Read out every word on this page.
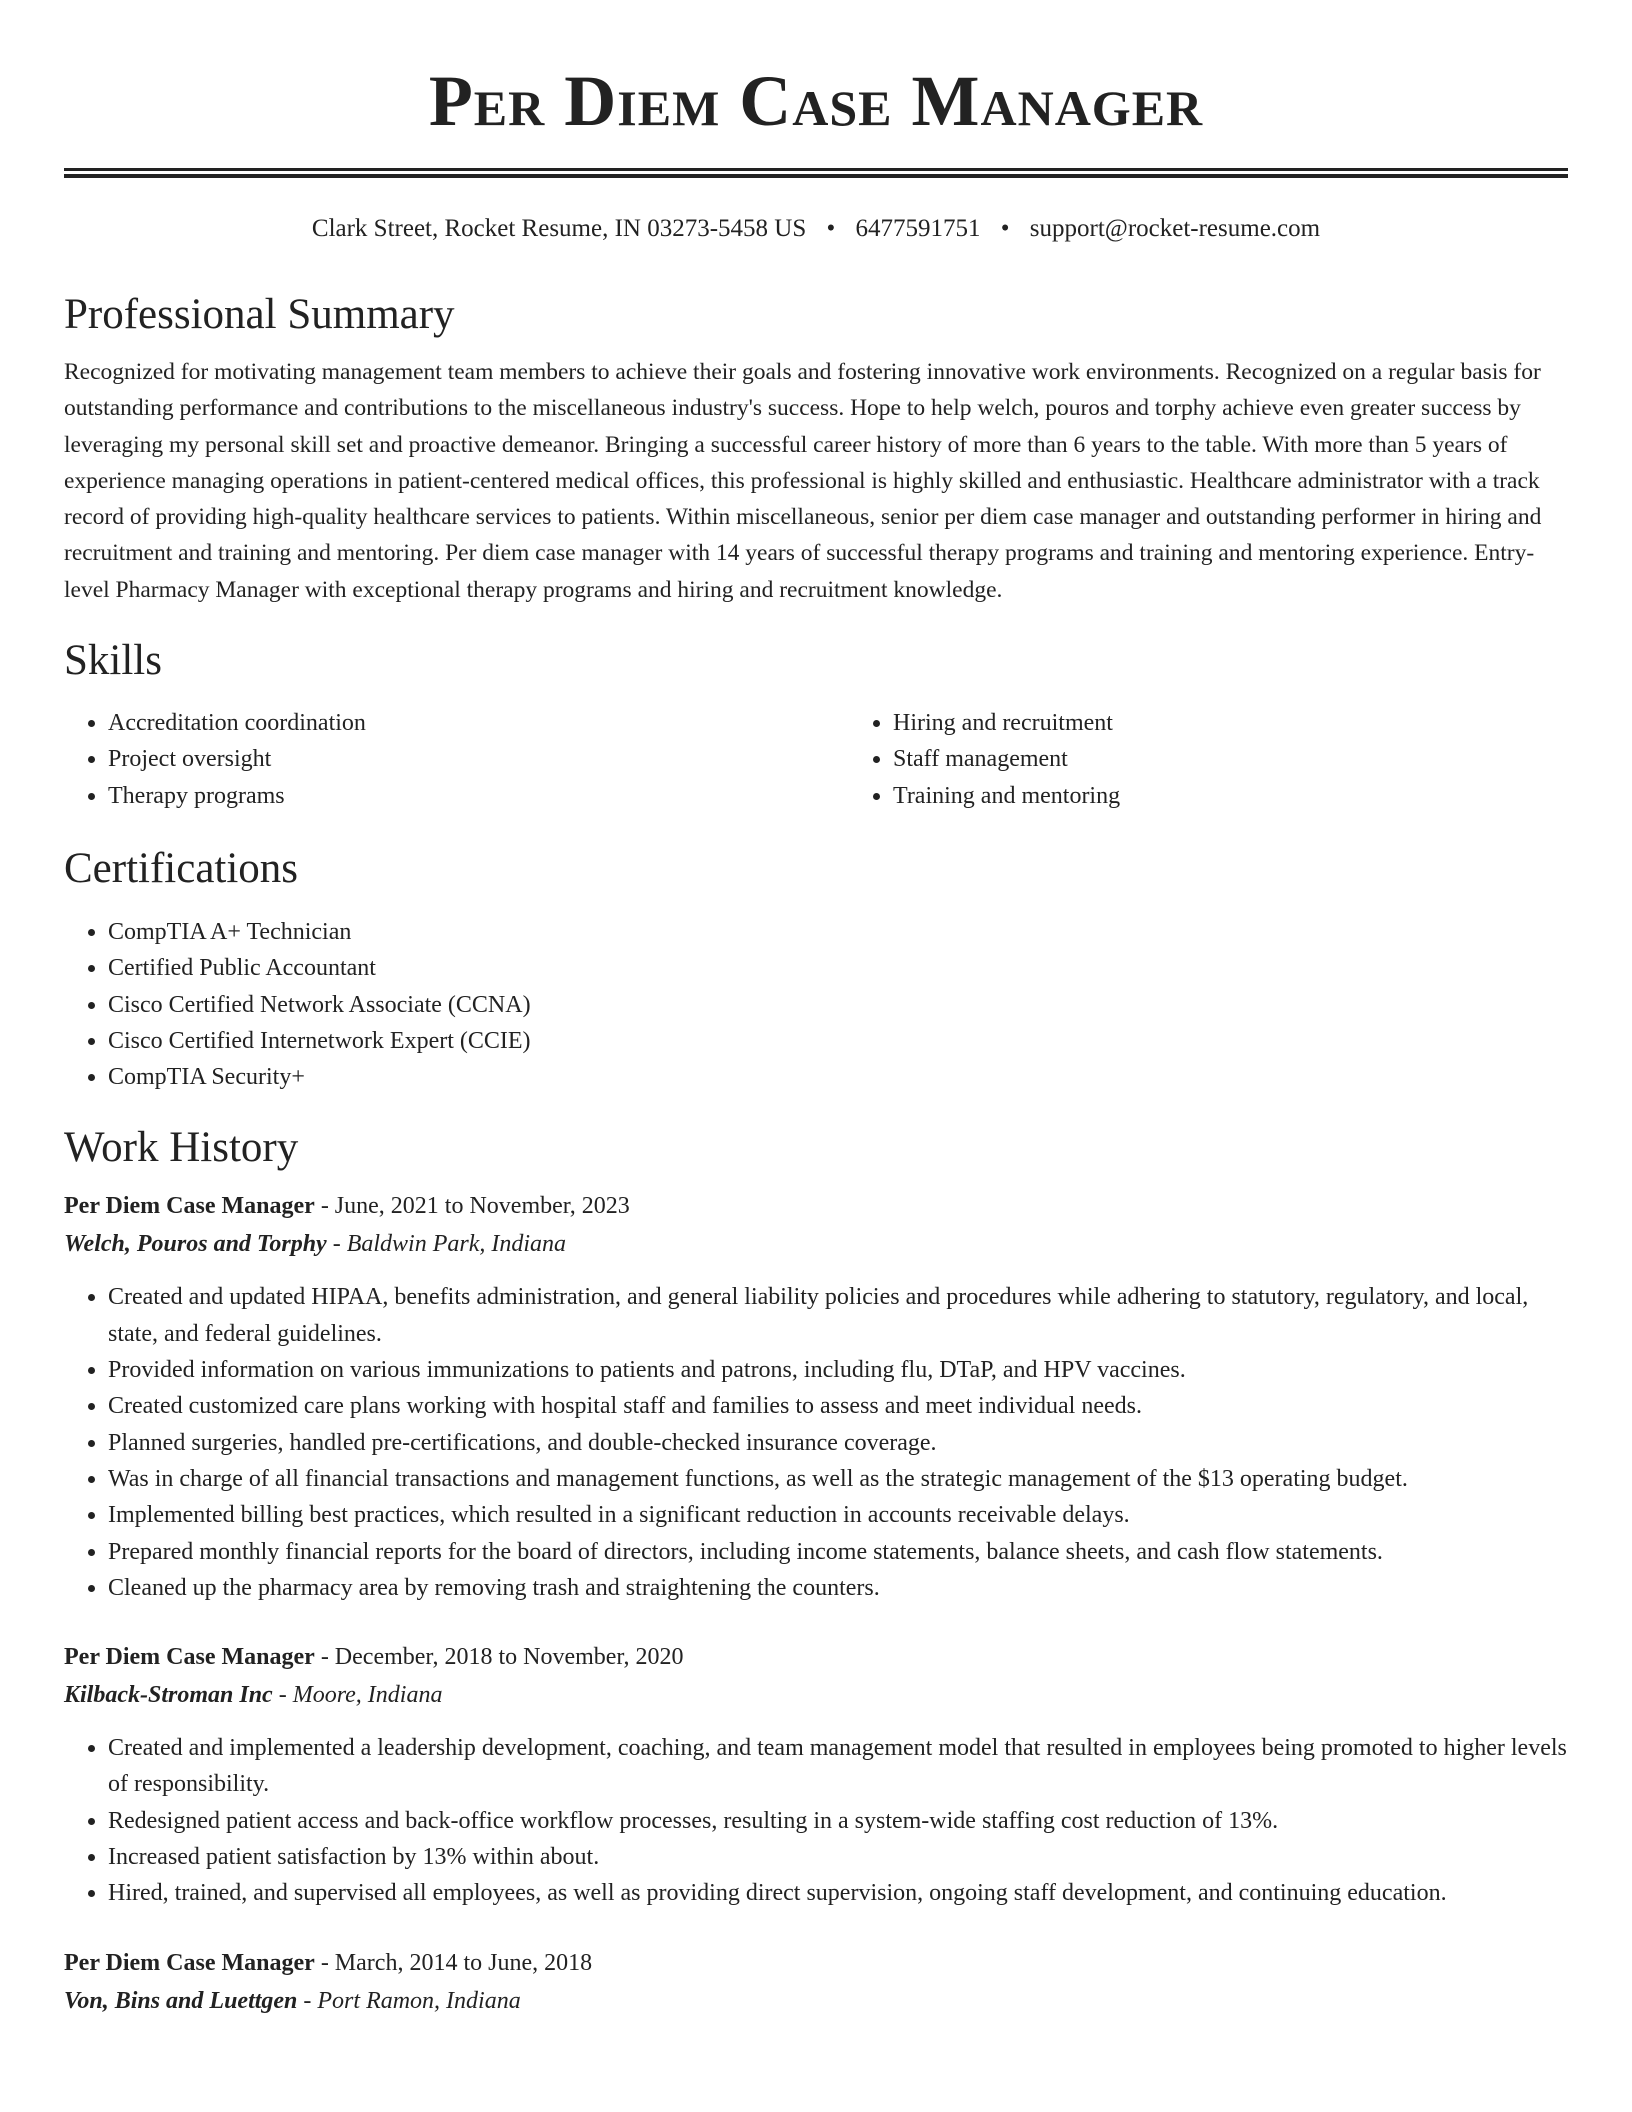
Per Diem Case Manager
Clark Street, Rocket Resume, IN 03273-5458 US • 6477591751 • support@rocket-resume.com
Professional Summary

Recognized for motivating management team members to achieve their goals and fostering innovative work environments. Recognized on a regular basis for outstanding performance and contributions to the miscellaneous industry's success. Hope to help welch, pouros and torphy achieve even greater success by leveraging my personal skill set and proactive demeanor. Bringing a successful career history of more than 6 years to the table. With more than 5 years of experience managing operations in patient-centered medical offices, this professional is highly skilled and enthusiastic. Healthcare administrator with a track record of providing high-quality healthcare services to patients. Within miscellaneous, senior per diem case manager and outstanding performer in hiring and recruitment and training and mentoring. Per diem case manager with 14 years of successful therapy programs and training and mentoring experience. Entry-level Pharmacy Manager with exceptional therapy programs and hiring and recruitment knowledge.

Skills
• Accreditation coordination
• Project oversight
• Therapy programs
• Hiring and recruitment
• Staff management
• Training and mentoring
Certifications
• CompTIA A+ Technician
• Certified Public Accountant
• Cisco Certified Network Associate (CCNA)
• Cisco Certified Internetwork Expert (CCIE)
• CompTIA Security+
Work History
Per Diem Case Manager - June, 2021 to November, 2023
Welch, Pouros and Torphy - Baldwin Park, Indiana
• Created and updated HIPAA, benefits administration, and general liability policies and procedures while adhering to statutory, regulatory, and local, state, and federal guidelines.
• Provided information on various immunizations to patients and patrons, including flu, DTaP, and HPV vaccines.
• Created customized care plans working with hospital staff and families to assess and meet individual needs.
• Planned surgeries, handled pre-certifications, and double-checked insurance coverage.
• Was in charge of all financial transactions and management functions, as well as the strategic management of the $13 operating budget.
• Implemented billing best practices, which resulted in a significant reduction in accounts receivable delays.
• Prepared monthly financial reports for the board of directors, including income statements, balance sheets, and cash flow statements.
• Cleaned up the pharmacy area by removing trash and straightening the counters.
Per Diem Case Manager - December, 2018 to November, 2020
Kilback-Stroman Inc - Moore, Indiana
• Created and implemented a leadership development, coaching, and team management model that resulted in employees being promoted to higher levels of responsibility.
• Redesigned patient access and back-office workflow processes, resulting in a system-wide staffing cost reduction of 13%.
• Increased patient satisfaction by 13% within about.
• Hired, trained, and supervised all employees, as well as providing direct supervision, ongoing staff development, and continuing education.
Per Diem Case Manager - March, 2014 to June, 2018
Von, Bins and Luettgen - Port Ramon, Indiana
